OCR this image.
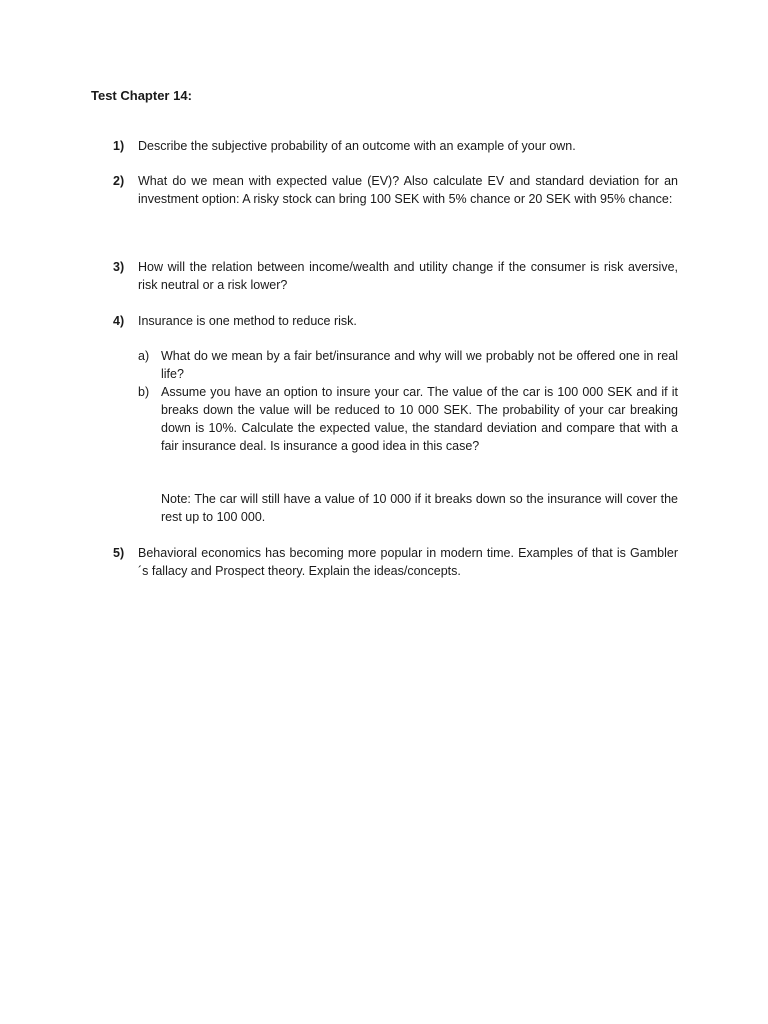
Test Chapter 14:
1)	Describe the subjective probability of an outcome with an example of your own.
2)	What do we mean with expected value (EV)? Also calculate EV and standard deviation for an investment option: A risky stock can bring 100 SEK with 5% chance or 20 SEK with 95% chance:
3)	How will the relation between income/wealth and utility change if the consumer is risk aversive, risk neutral or a risk lower?
4)	Insurance is one method to reduce risk.
a) What do we mean by a fair bet/insurance and why will we probably not be offered one in real life?
b) Assume you have an option to insure your car. The value of the car is 100 000 SEK and if it breaks down the value will be reduced to 10 000 SEK. The probability of your car breaking down is 10%. Calculate the expected value, the standard deviation and compare that with a fair insurance deal. Is insurance a good idea in this case?
Note: The car will still have a value of 10 000 if it breaks down so the insurance will cover the rest up to 100 000.
5)	Behavioral economics has becoming more popular in modern time. Examples of that is Gambler´s fallacy and Prospect theory. Explain the ideas/concepts.
